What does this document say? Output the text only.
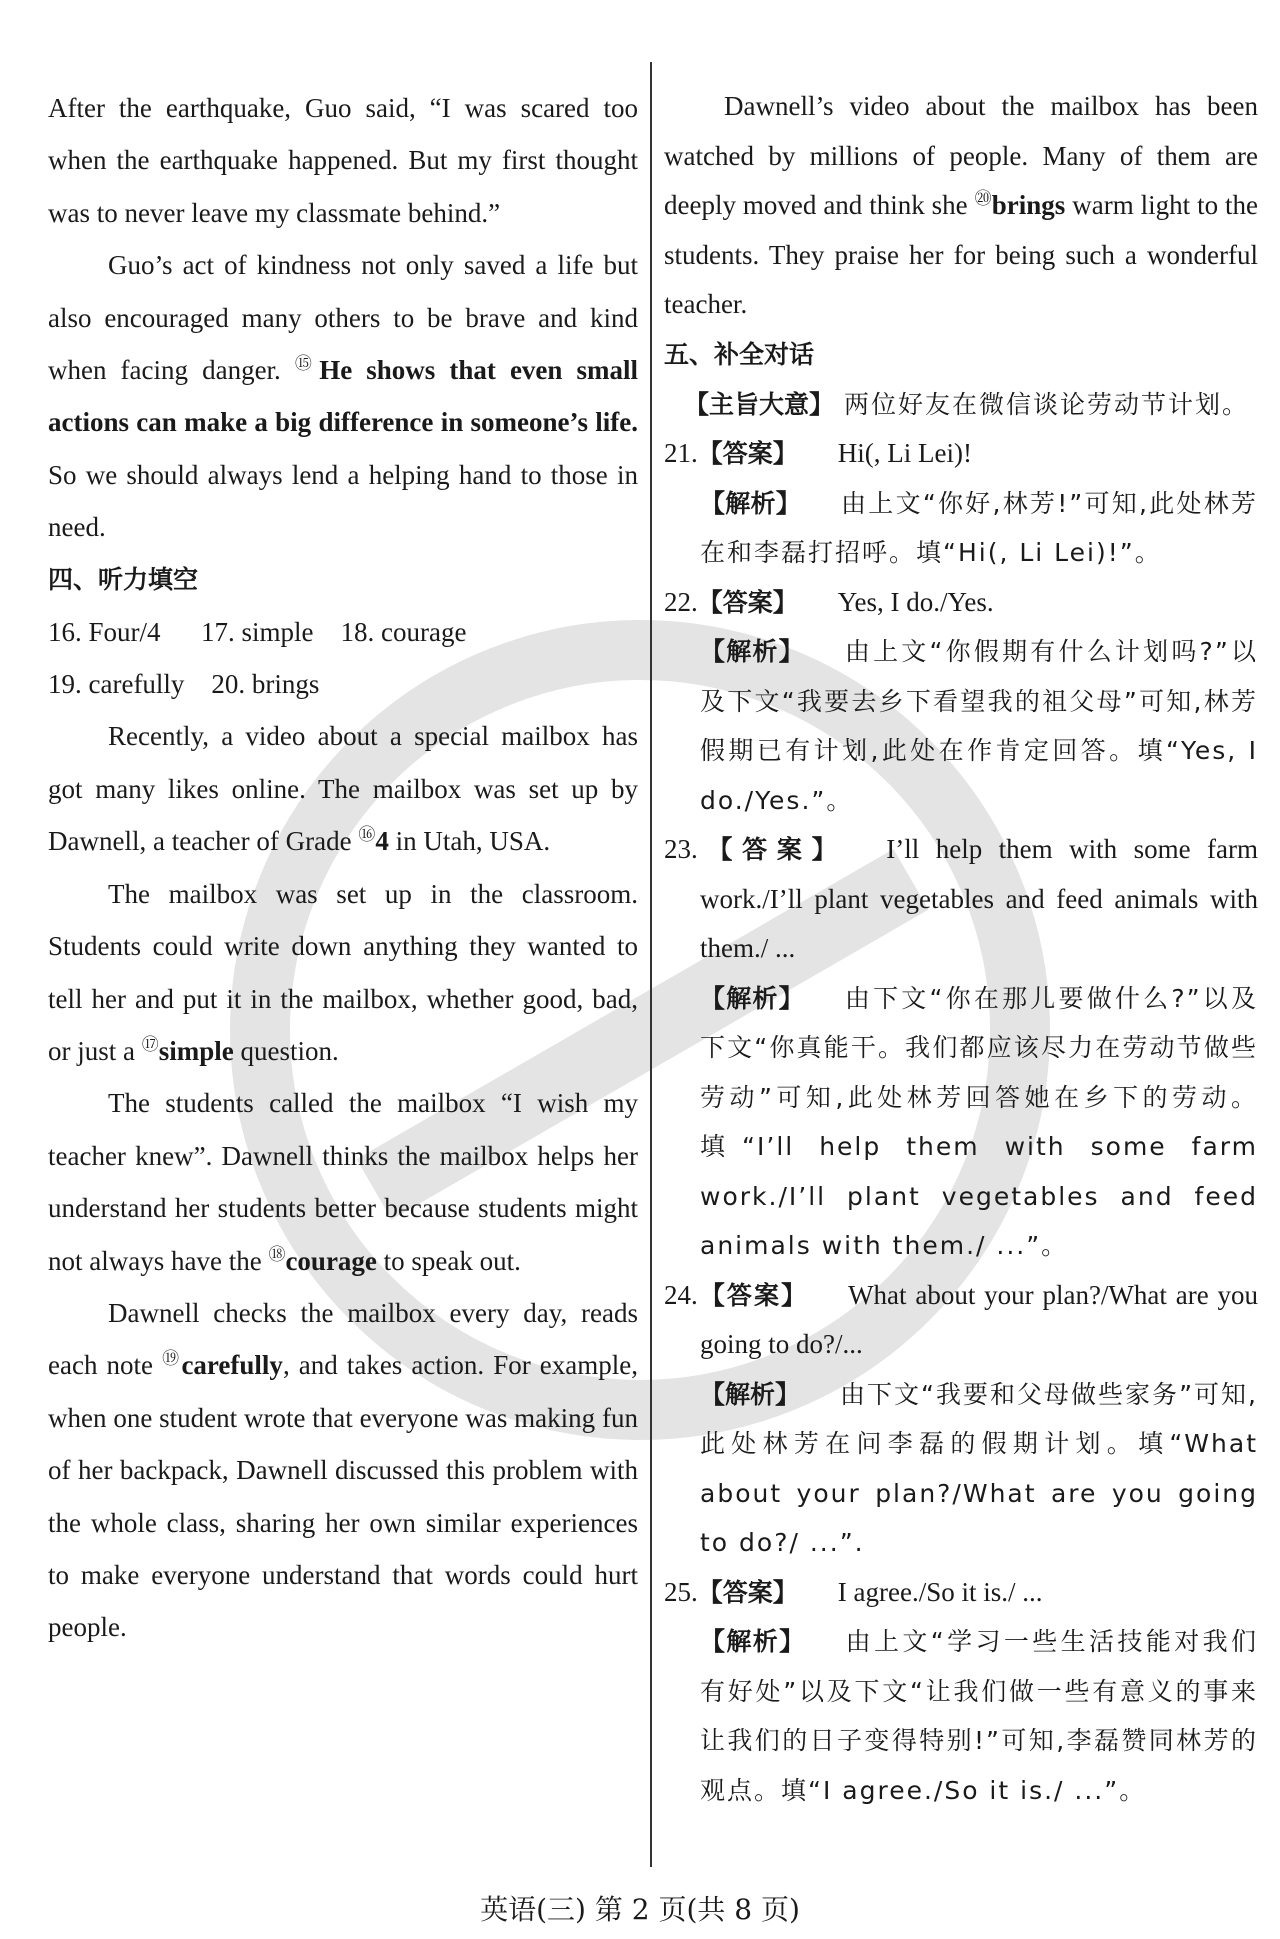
After the earthquake, Guo said, “I was scared too when the earthquake happened. But my first thought was to never leave my classmate behind.”

Guo’s act of kindness not only saved a life but also encouraged many others to be brave and kind when facing danger. ⑮He shows that even small actions can make a big difference in someone’s life. So we should always lend a helping hand to those in need.

四、听力填空
16. Four/4      17. simple    18. courage
19. carefully    20. brings

Recently, a video about a special mailbox has got many likes online. The mailbox was set up by Dawnell, a teacher of Grade ⑯4 in Utah, USA.

The mailbox was set up in the classroom. Students could write down anything they wanted to tell her and put it in the mailbox, whether good, bad, or just a ⑰simple question.

The students called the mailbox “I wish my teacher knew”. Dawnell thinks the mailbox helps her understand her students better because students might not always have the ⑱courage to speak out.

Dawnell checks the mailbox every day, reads each note ⑲carefully, and takes action. For example, when one student wrote that everyone was making fun of her backpack, Dawnell discussed this problem with the whole class, sharing her own similar experiences to make everyone understand that words could hurt people.

Dawnell’s video about the mailbox has been watched by millions of people. Many of them are deeply moved and think she ⑳brings warm light to the students. They praise her for being such a wonderful teacher.

五、补全对话

【主旨大意】 两位好友在微信谈论劳动节计划。

21.【答案】 Hi(, Li Lei)!

【解析】 由上文“你好,林芳!”可知,此处林芳在和李磊打招呼。填“Hi(, Li Lei)!”。

22.【答案】 Yes, I do./Yes.

【解析】 由上文“你假期有什么计划吗?”以及下文“我要去乡下看望我的祖父母”可知,林芳假期已有计划,此处在作肯定回答。填“Yes, I do./Yes.”。

23.【答案】 I’ll help them with some farm work./I’ll plant vegetables and feed animals with them./ ...

【解析】 由下文“你在那儿要做什么?”以及下文“你真能干。我们都应该尽力在劳动节做些劳动”可知,此处林芳回答她在乡下的劳动。填“I’ll help them with some farm work./I’ll plant vegetables and feed animals with them./ ...”。

24.【答案】 What about your plan?/What are you going to do?/...

【解析】 由下文“我要和父母做些家务”可知,此处林芳在问李磊的假期计划。填“What about your plan?/What are you going to do?/ ...”.

25.【答案】 I agree./So it is./ ...

【解析】 由上文“学习一些生活技能对我们有好处”以及下文“让我们做一些有意义的事来让我们的日子变得特别!”可知,李磊赞同林芳的观点。填“I agree./So it is./ ...”。

英语(三) 第 2 页(共 8 页)
